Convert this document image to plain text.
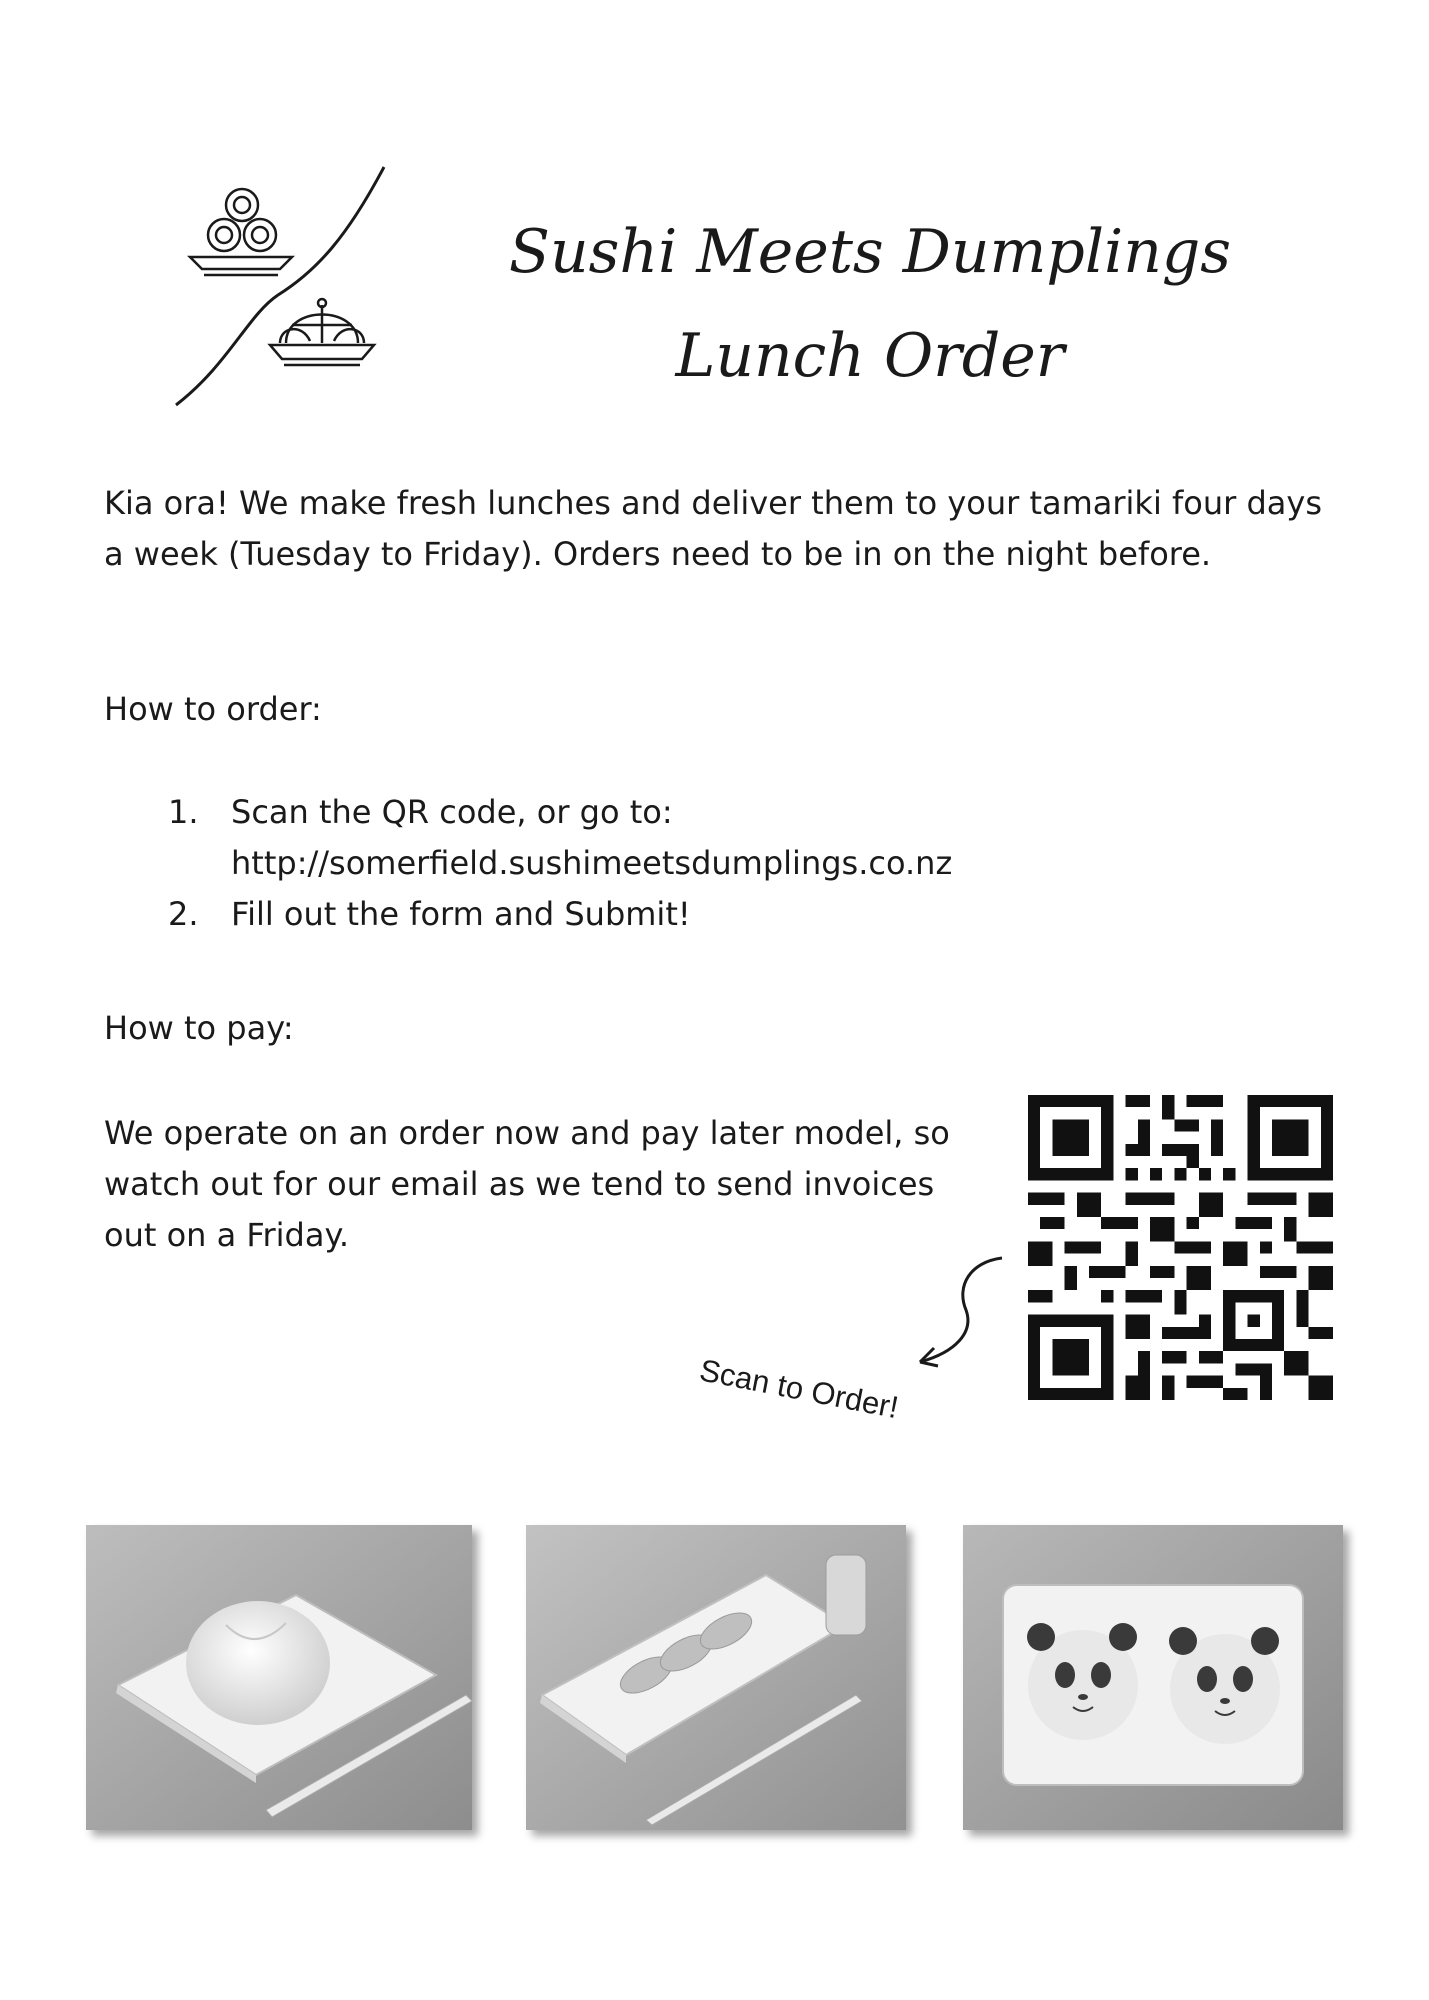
Sushi Meets Dumplings
Lunch Order
Kia ora! We make fresh lunches and deliver them to your tamariki four days a week (Tuesday to Friday). Orders need to be in on the night before.
How to order:
1.	Scan the QR code, or go to:
http://somerfield.sushimeetsdumplings.co.nz
2.	Fill out the form and Submit!
How to pay:
We operate on an order now and pay later model, so watch out for our email as we tend to send invoices out on a Friday.
Scan to Order!
